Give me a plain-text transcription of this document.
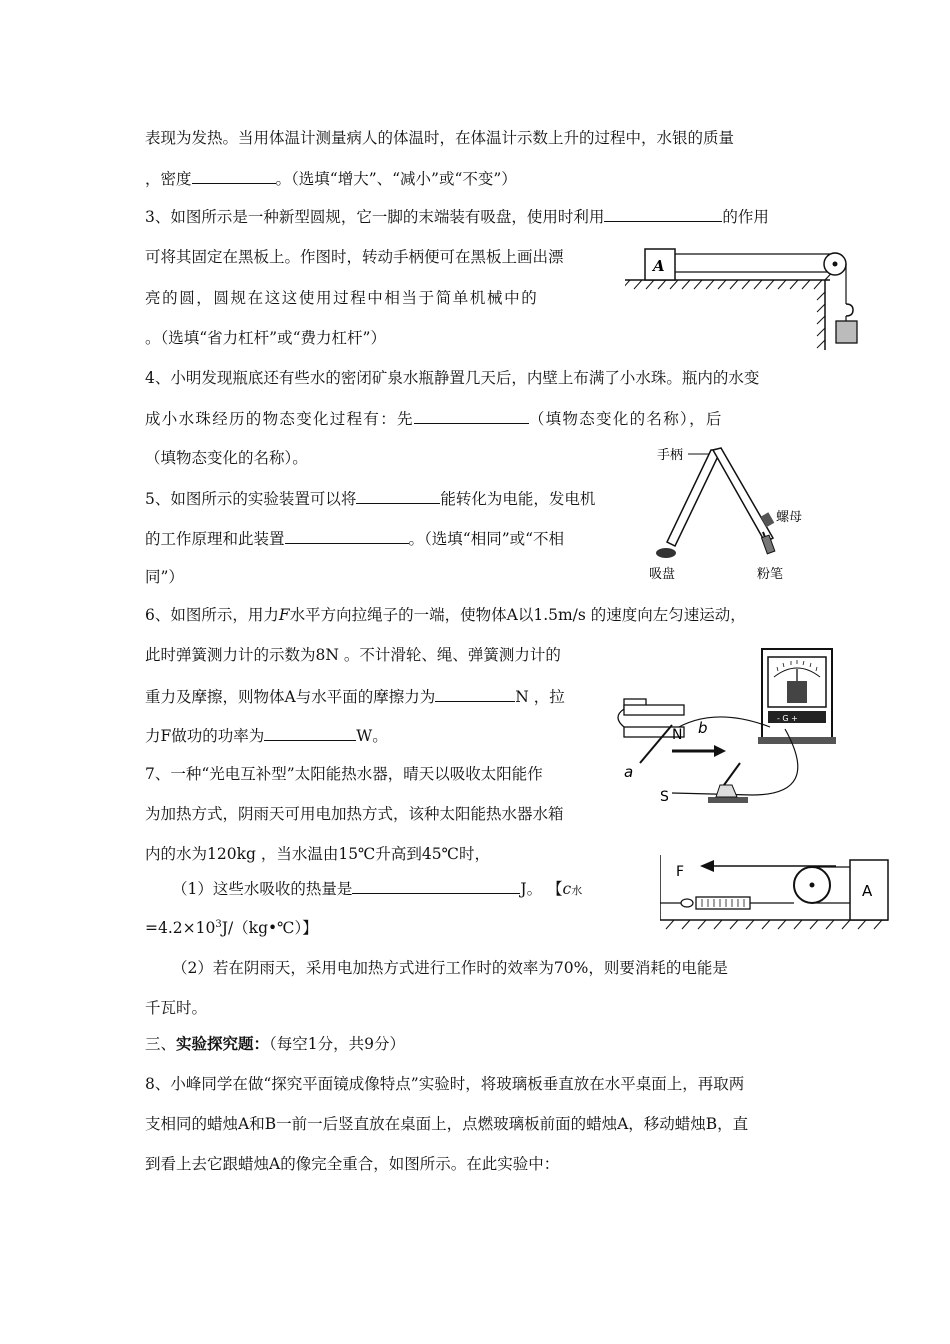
表现为发热。当用体温计测量病人的体温时，在体温计示数上升的过程中，水银的质量
，密度	。（选填“增大”、“减小”或“不变”）
3、如图所示是一种新型圆规，它一脚的末端装有吸盘，使用时利用	的作用
可将其固定在黑板上。作图时，转动手柄便可在黑板上画出漂
亮的圆，圆规在这这使用过程中相当于简单机械中的
。（选填“省力杠杆”或“费力杠杆”）
4、小明发现瓶底还有些水的密闭矿泉水瓶静置几天后，内壁上布满了小水珠。瓶内的水变
成小水珠经历的物态变化过程有：先	（填物态变化的名称），后
（填物态变化的名称）。
5、如图所示的实验装置可以将	能转化为电能，发电机
的工作原理和此装置	。（选填“相同”或“不相
同”）
6、如图所示，用力F水平方向拉绳子的一端，使物体A以1.5m/s 的速度向左匀速运动，
此时弹簧测力计的示数为8N 。不计滑轮、绳、弹簧测力计的
重力及摩擦，则物体A与水平面的摩擦力为	N ，拉
力F做功的功率为	W。
7、一种“光电互补型”太阳能热水器，晴天以吸收太阳能作
为加热方式，阴雨天可用电加热方式，该种太阳能热水器水箱
内的水为120kg ，当水温由15℃升高到45℃时，
（1）这些水吸收的热量是	J。 【c水
$=4.2\times 10^3J/(kg•℃)$】
（2）若在阴雨天，采用电加热方式进行工作时的效率为70%，则要消耗的电能是
千瓦时。
三、实验探究题：（每空1分，共9分）
8、小峰同学在做“探究平面镜成像特点”实验时，将玻璃板垂直放在水平桌面上，再取两
支相同的蜡烛A和B一前一后竖直放在桌面上，点燃玻璃板前面的蜡烛A，移动蜡烛B，直
到看上去它跟蜡烛A的像完全重合，如图所示。在此实验中：
A
手柄
螺母
吸盘	粉笔
- G +
N
S
a
b
F
A
